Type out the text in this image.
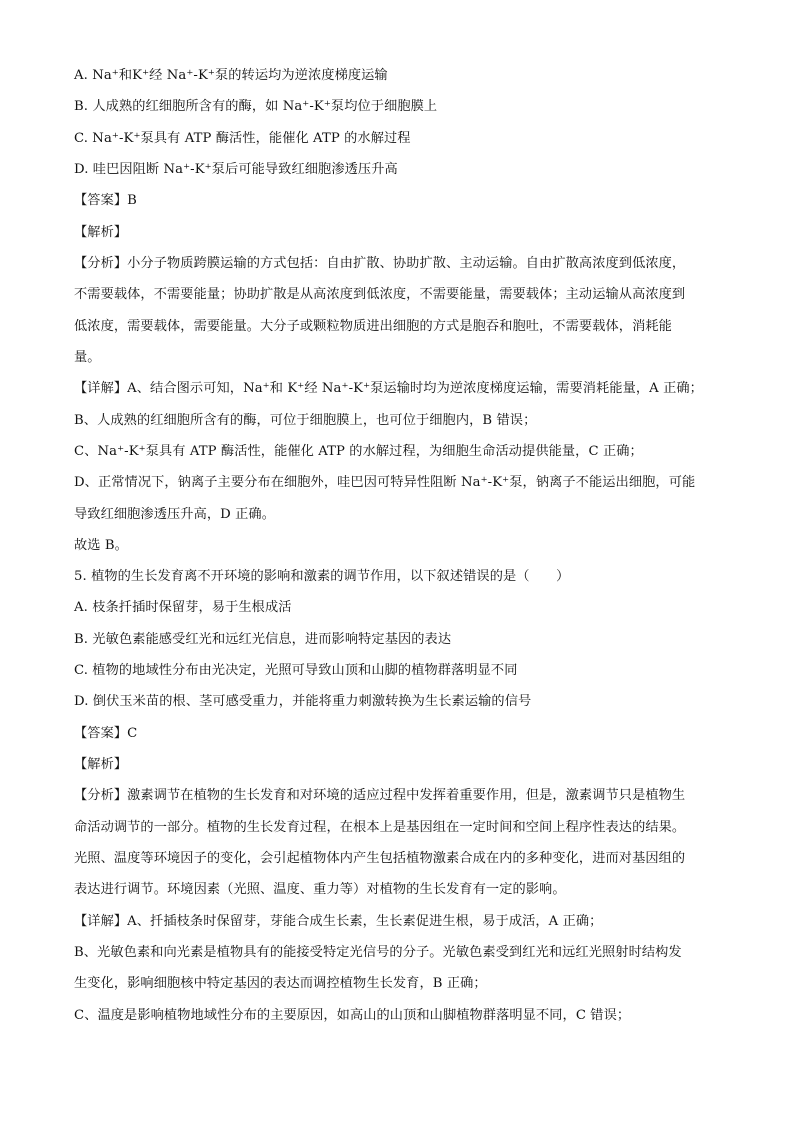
A. Na⁺和K⁺经 Na⁺-K⁺泵的转运均为逆浓度梯度运输
B. 人成熟的红细胞所含有的酶，如 Na⁺-K⁺泵均位于细胞膜上
C. Na⁺-K⁺泵具有 ATP 酶活性，能催化 ATP 的水解过程
D. 哇巴因阻断 Na⁺-K⁺泵后可能导致红细胞渗透压升高
【答案】B
【解析】
【分析】小分子物质跨膜运输的方式包括：自由扩散、协助扩散、主动运输。自由扩散高浓度到低浓度，
不需要载体，不需要能量；协助扩散是从高浓度到低浓度，不需要能量，需要载体；主动运输从高浓度到
低浓度，需要载体，需要能量。大分子或颗粒物质进出细胞的方式是胞吞和胞吐，不需要载体，消耗能
量。
【详解】A、结合图示可知，Na⁺和 K⁺经 Na⁺-K⁺泵运输时均为逆浓度梯度运输，需要消耗能量，A 正确；
B、人成熟的红细胞所含有的酶，可位于细胞膜上，也可位于细胞内，B 错误；
C、Na⁺-K⁺泵具有 ATP 酶活性，能催化 ATP 的水解过程，为细胞生命活动提供能量，C 正确；
D、正常情况下，钠离子主要分布在细胞外，哇巴因可特异性阻断 Na⁺-K⁺泵，钠离子不能运出细胞，可能
导致红细胞渗透压升高，D 正确。
故选 B。
5. 植物的生长发育离不开环境的影响和激素的调节作用，以下叙述错误的是（　　）
A. 枝条扦插时保留芽，易于生根成活
B. 光敏色素能感受红光和远红光信息，进而影响特定基因的表达
C. 植物的地域性分布由光决定，光照可导致山顶和山脚的植物群落明显不同
D. 倒伏玉米苗的根、茎可感受重力，并能将重力刺激转换为生长素运输的信号
【答案】C
【解析】
【分析】激素调节在植物的生长发育和对环境的适应过程中发挥着重要作用，但是，激素调节只是植物生
命活动调节的一部分。植物的生长发育过程，在根本上是基因组在一定时间和空间上程序性表达的结果。
光照、温度等环境因子的变化，会引起植物体内产生包括植物激素合成在内的多种变化，进而对基因组的
表达进行调节。环境因素（光照、温度、重力等）对植物的生长发育有一定的影响。
【详解】A、扦插枝条时保留芽，芽能合成生长素，生长素促进生根，易于成活，A 正确；
B、光敏色素和向光素是植物具有的能接受特定光信号的分子。光敏色素受到红光和远红光照射时结构发
生变化，影响细胞核中特定基因的表达而调控植物生长发育，B 正确；
C、温度是影响植物地域性分布的主要原因，如高山的山顶和山脚植物群落明显不同，C 错误；
